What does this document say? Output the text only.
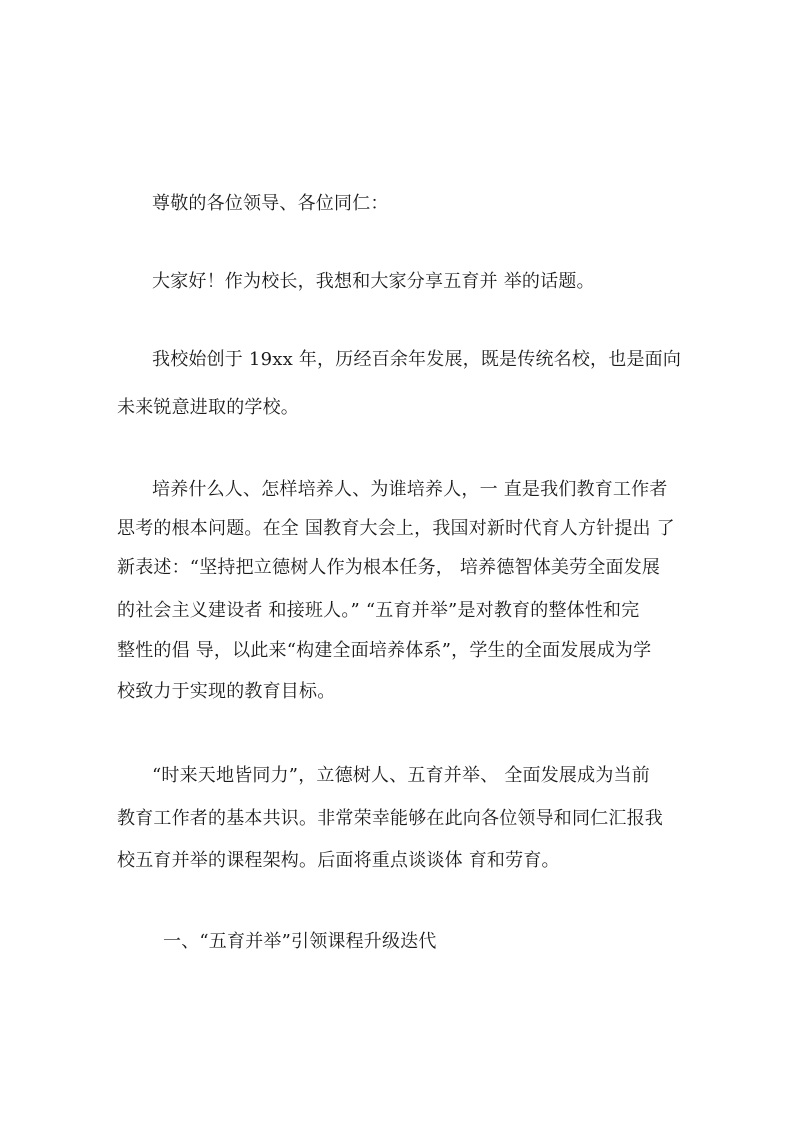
尊敬的各位领导、各位同仁：
大家好！作为校长，我想和大家分享五育并 举的话题。
我校始创于 19xx 年，历经百余年发展，既是传统名校，也是面向
未来锐意进取的学校。
培养什么人、怎样培养人、为谁培养人，一 直是我们教育工作者
思考的根本问题。在全 国教育大会上，我国对新时代育人方针提出 了
新表述：“坚持把立德树人作为根本任务， 培养德智体美劳全面发展
的社会主义建设者 和接班人。” “五育并举”是对教育的整体性和完
整性的倡 导，以此来“构建全面培养体系”，学生的全面发展成为学
校致力于实现的教育目标。
“时来天地皆同力”，立德树人、五育并举、 全面发展成为当前
教育工作者的基本共识。非常荣幸能够在此向各位领导和同仁汇报我
校五育并举的课程架构。后面将重点谈谈体 育和劳育。
一、“五育并举”引领课程升级迭代
